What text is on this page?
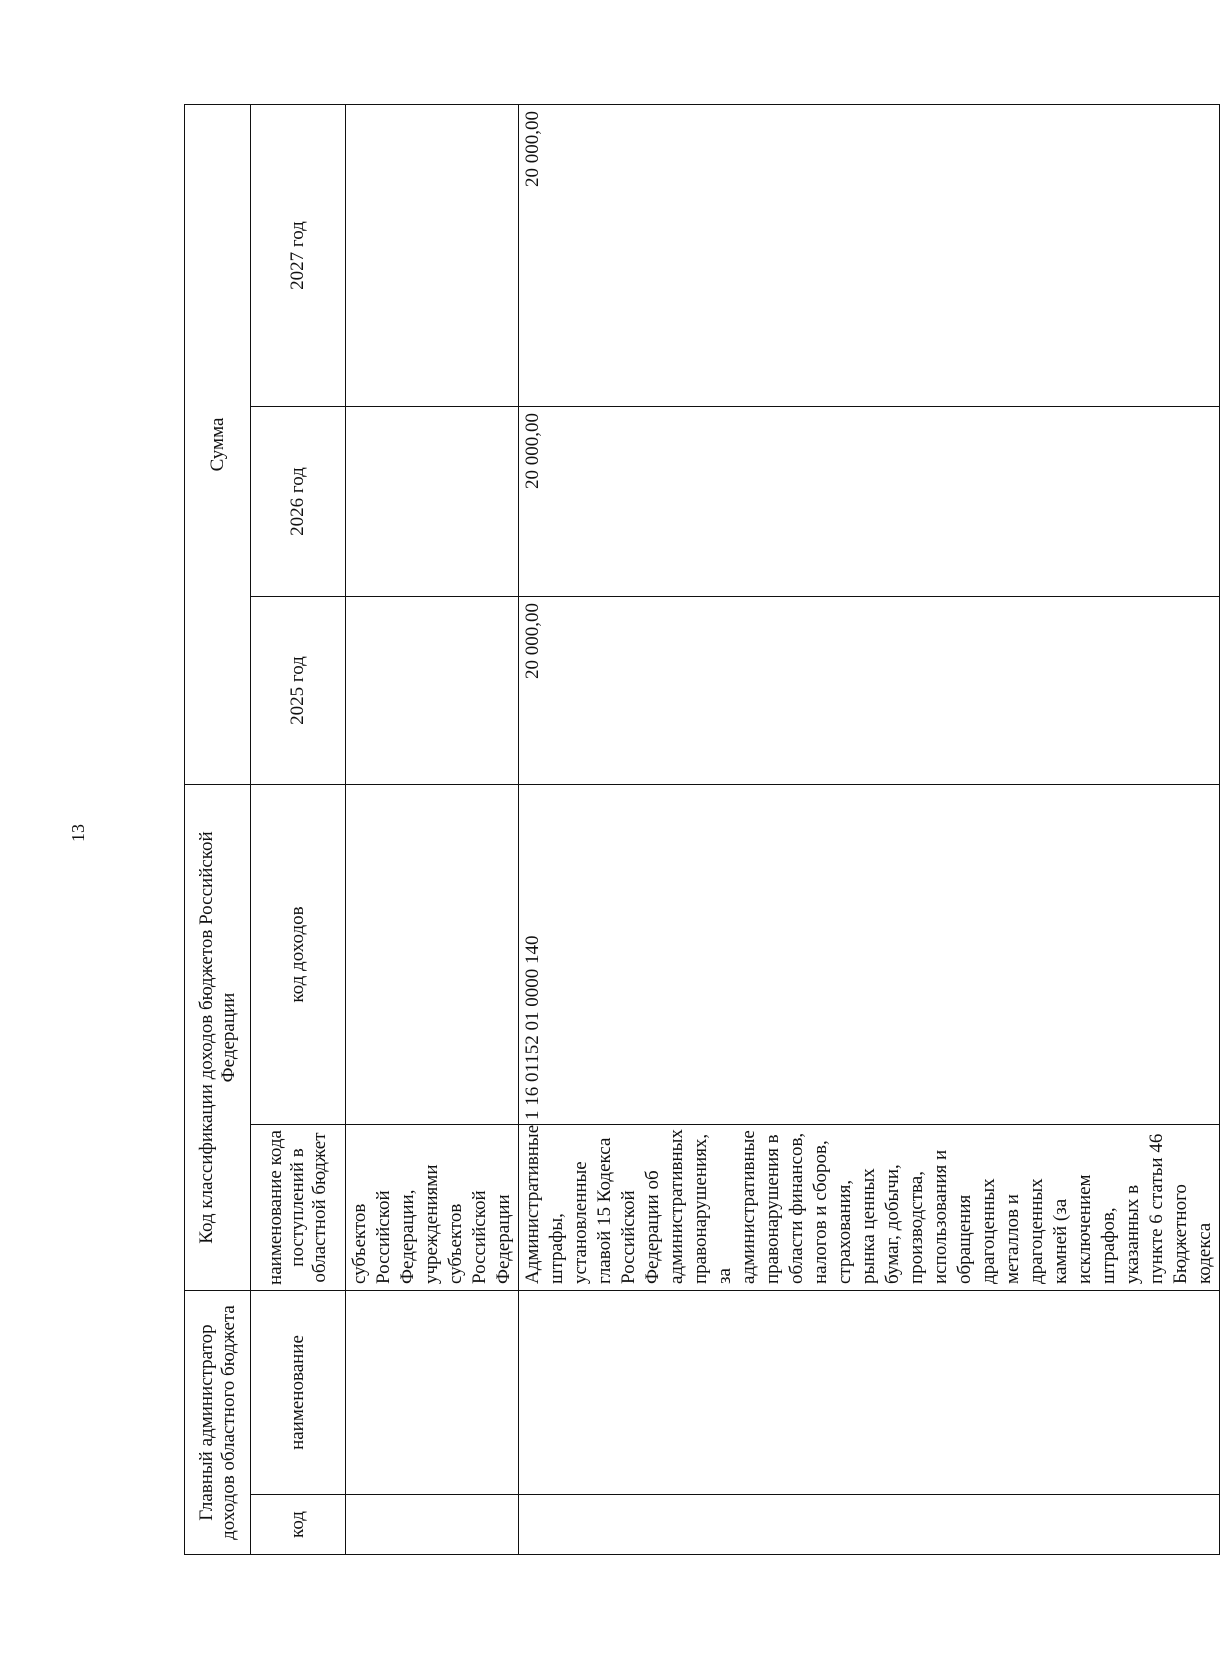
13
Главный администратор доходов областного бюджета		Код классификации доходов бюджетов Российской Федерации		Сумма		
код	наименование	наименование кода поступлений в областной бюджет	код доходов	2025 год	2026 год	2027 год
		субъектов Российской Федерации, учреждениями субъектов Российской Федерации				
		Административные штрафы, установленные главой 15 Кодекса Российской Федерации об административных правонарушениях, за административные правонарушения в области финансов, налогов и сборов, страхования, рынка ценных бумаг, добычи, производства, использования и обращения драгоценных металлов и драгоценных камней (за исключением штрафов, указанных в пункте 6 статьи 46 Бюджетного кодекса	1 16 01152 01 0000 140	20 000,00	20 000,00	20 000,00
